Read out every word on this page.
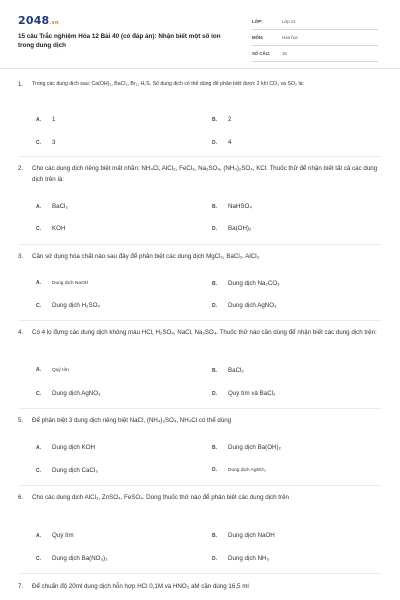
2048.vn
15 câu Trắc nghiệm Hóa 12 Bài 40 (có đáp án): Nhận biết một số ion trong dung dịch
LỚP:	Lớp 12
MÔN:	Hóa học
SỐ CÂU:	15
1.	Trong các dung dịch sau: Ca(OH)₂, BaCl₂, Br₂, H₂S. Số dung dịch có thể dùng để phân biệt được 2 khí CO₂ và SO₂ là:
A.	1	B.	2
C.	3	D.	4
2.	Cho các dung dịch riêng biệt mất nhãn: NH₄Cl, AlCl₃, FeCl₃, Na₂SO₄, (NH₄)₂SO₄, KCl. Thuốc thử để nhận biết tất cả các dung dịch trên là:
A.	BaCl₂	B.	NaHSO₄
C.	KOH	D.	Ba(OH)₂
3.	Cần sử dụng hóa chất nào sau đây để phân biệt các dung dịch MgCl₂, BaCl₂, AlCl₃
A.	Dung dịch NaOH	B.	Dung dịch Na₂CO₃
C.	Dung dịch H₂SO₄	D.	Dung dịch AgNO₃
4.	Có 4 lọ đựng các dung dịch không màu HCl, H₂SO₄, NaCl, Na₂SO₄. Thuốc thử nào cần dùng để nhận biết các dung dịch trên:
A.	Quỳ tím	B.	BaCl₂
C.	Dung dịch AgNO₃	D.	Quỳ tím và BaCl₂
5.	Để phân biệt 3 dung dịch riêng biệt NaCl, (NH₄)₂SO₄, NH₄Cl có thể dùng
A.	Dung dịch KOH	B.	Dung dịch Ba(OH)₂
C.	Dung dịch CaCl₂	D.	Dung dịch AgNO₃
6.	Cho các dung dịch AlCl₃, ZnSO₄, FeSO₄. Dùng thuốc thử nào để phân biệt các dung dịch trên
A.	Quỳ tím	B.	Dung dịch NaOH
C.	Dung dịch Ba(NO₃)₂	D.	Dung dịch NH₃
7.	Để chuẩn độ 20ml dung dịch hỗn hợp HCl 0,1M và HNO₃ aM cần dùng 16,5 ml
